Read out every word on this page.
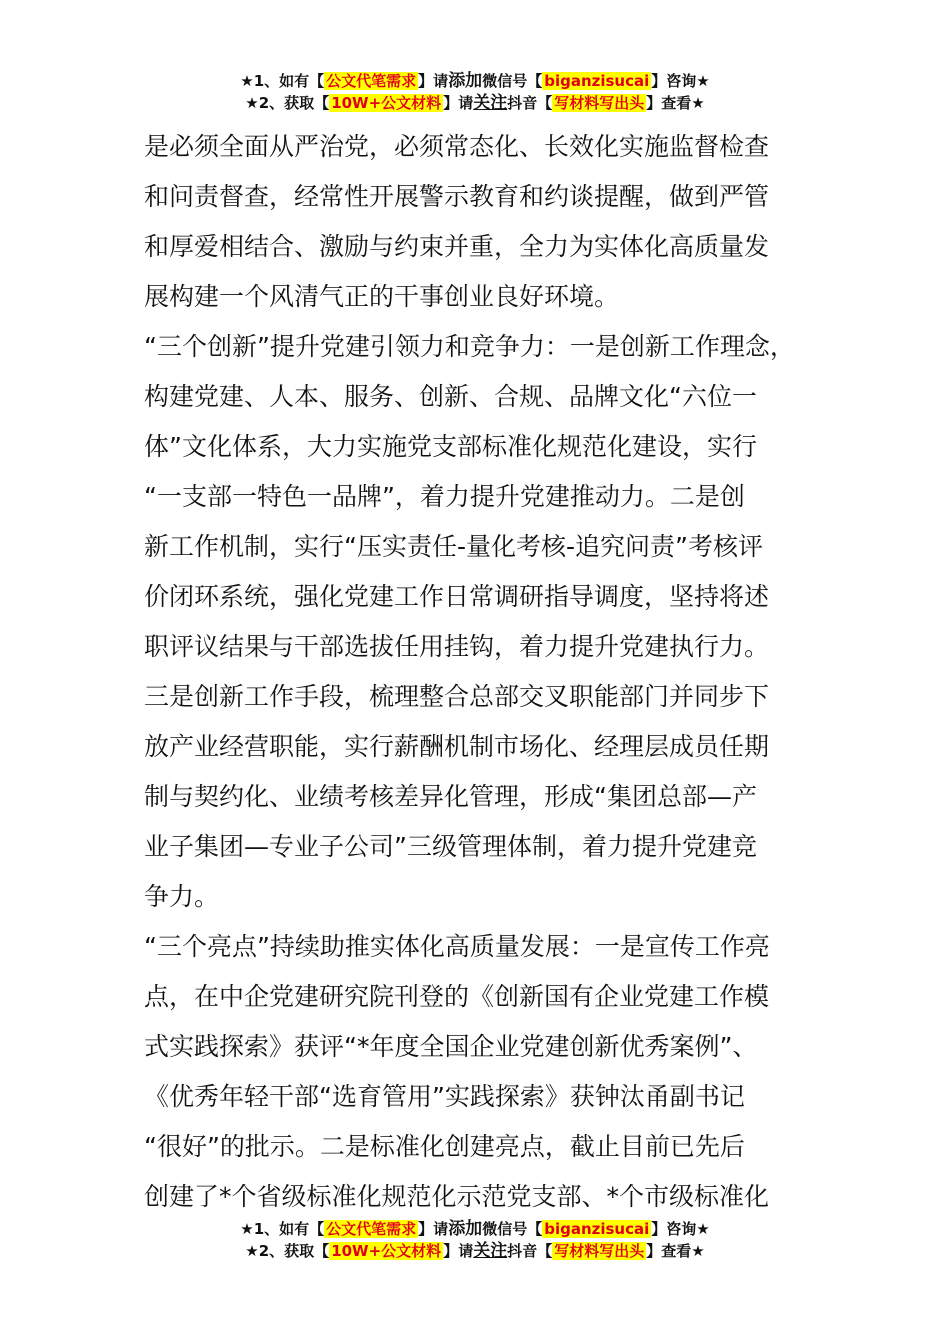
★1、如有【 公文代笔需求 】请添加微信号【 biganzisucai 】咨询★
★2、获取【 10W+公文材料 】请关注抖音【 写材料写出头 】查看★
是必须全面从严治党，必须常态化、长效化实施监督检查
和问责督查，经常性开展警示教育和约谈提醒，做到严管
和厚爱相结合、激励与约束并重，全力为实体化高质量发
展构建一个风清气正的干事创业良好环境。
“三个创新”提升党建引领力和竞争力：一是创新工作理念，
构建党建、人本、服务、创新、合规、品牌文化“六位一
体”文化体系，大力实施党支部标准化规范化建设，实行
“一支部一特色一品牌”，着力提升党建推动力。二是创
新工作机制，实行“压实责任-量化考核-追究问责”考核评
价闭环系统，强化党建工作日常调研指导调度，坚持将述
职评议结果与干部选拔任用挂钩，着力提升党建执行力。
三是创新工作手段，梳理整合总部交叉职能部门并同步下
放产业经营职能，实行薪酬机制市场化、经理层成员任期
制与契约化、业绩考核差异化管理，形成“集团总部—产
业子集团—专业子公司”三级管理体制，着力提升党建竞
争力。
“三个亮点”持续助推实体化高质量发展：一是宣传工作亮
点，在中企党建研究院刊登的《创新国有企业党建工作模
式实践探索》获评“*年度全国企业党建创新优秀案例”、
《优秀年轻干部“选育管用”实践探索》获钟汰甬副书记
“很好”的批示。二是标准化创建亮点，截止目前已先后
创建了*个省级标准化规范化示范党支部、*个市级标准化
★1、如有【 公文代笔需求 】请添加微信号【 biganzisucai 】咨询★
★2、获取【 10W+公文材料 】请关注抖音【 写材料写出头 】查看★
